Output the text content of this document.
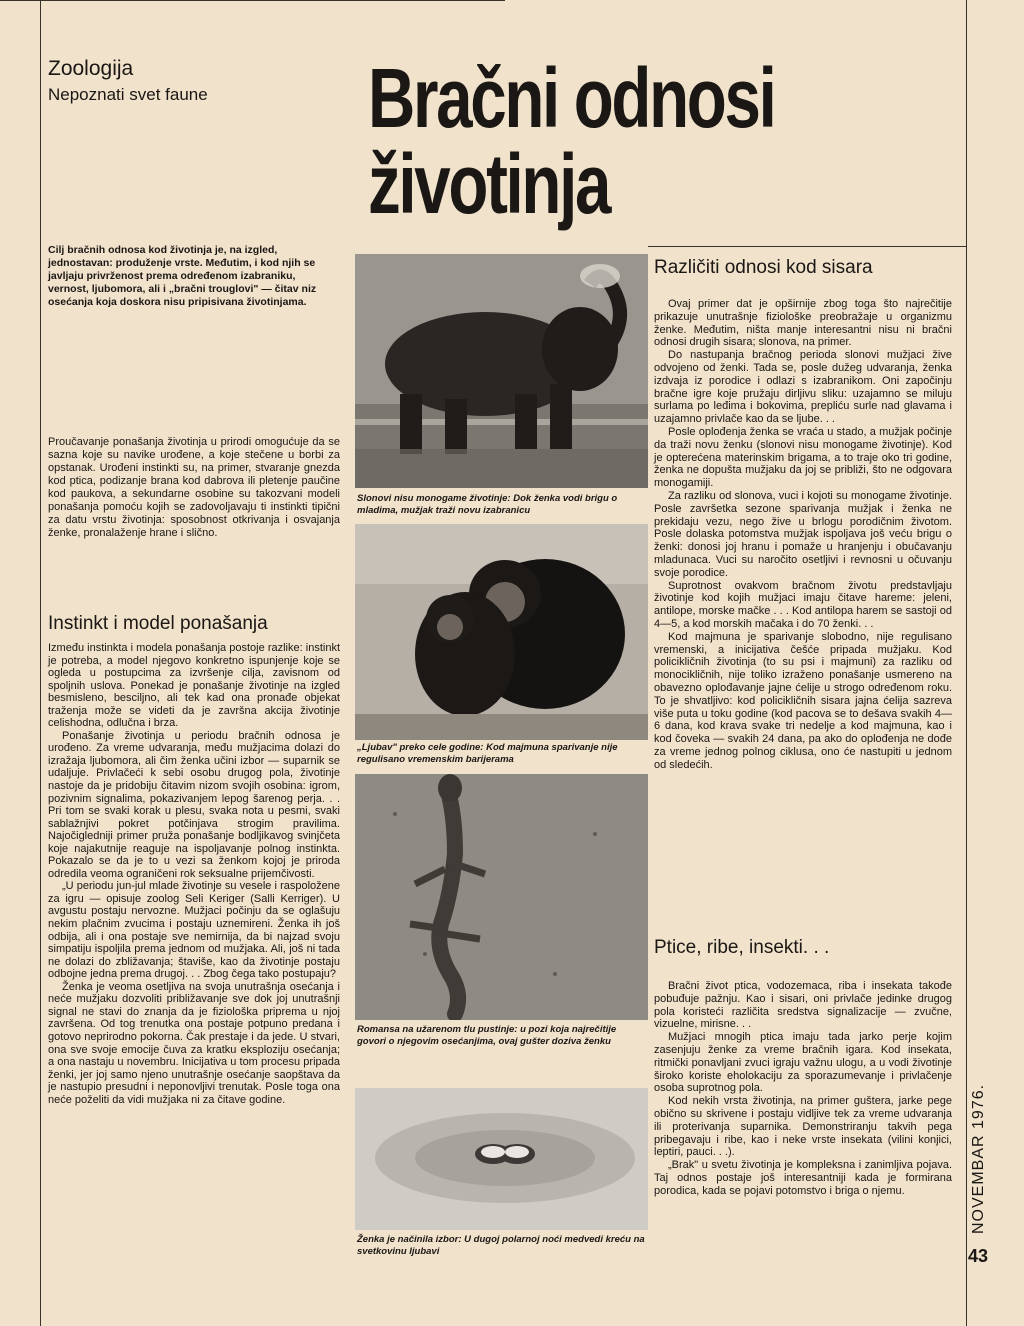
Zoologija
Nepoznati svet faune Bračni odnosi
životinja
Cilj bračnih odnosa kod životinja je, na izgled, jednostavan: produženje vrste. Međutim, i kod njih se javljaju privrženost prema određenom izabraniku, vernost, ljubomora, ali i „bračni trouglovi" — čitav niz osećanja koja doskora nisu pripisivana životinjama.

Proučavanje ponašanja životinja u prirodi omogućuje da se sazna koje su navike urođene, a koje stečene u borbi za opstanak. Urođeni instinkti su, na primer, stvaranje gnezda kod ptica, podizanje brana kod dabrova ili pletenje paučine kod paukova, a sekundarne osobine su takozvani modeli ponašanja pomoću kojih se zadovoljavaju ti instinkti tipični za datu vrstu životinja: sposobnost otkrivanja i osvajanja ženke, pronalaženje hrane i slično.

Instinkt i model ponašanja

Između instinkta i modela ponašanja postoje razlike: instinkt je potreba, a model njegovo konkretno ispunjenje koje se ogleda u postupcima za izvršenje cilja, zavisnom od spoljnih uslova. Ponekad je ponašanje životinje na izgled besmisleno, besciljno, ali tek kad ona pronađe objekat traženja može se videti da je završna akcija životinje celishodna, odlučna i brza.

Ponašanje životinja u periodu bračnih odnosa je urođeno. Za vreme udvaranja, među mužjacima dolazi do izražaja ljubomora, ali čim ženka učini izbor — suparnik se udaljuje. Privlačeći k sebi osobu drugog pola, životinje nastoje da je pridobiju čitavim nizom svojih osobina: igrom, pozivnim signalima, pokazivanjem lepog šarenog perja. . . Pri tom se svaki korak u plesu, svaka nota u pesmi, svaki sablažnjivi pokret potčinjava strogim pravilima. Najočigledniji primer pruža ponašanje bodljikavog svinjčeta koje najakutnije reaguje na ispoljavanje polnog instinkta. Pokazalo se da je to u vezi sa ženkom kojoj je priroda odredila veoma ograničeni rok seksualne prijemčivosti.

„U periodu jun-jul mlade životinje su vesele i raspoložene za igru — opisuje zoolog Seli Keriger (Salli Kerriger). U avgustu postaju nervozne. Mužjaci počinju da se oglašuju nekim plačnim zvucima i postaju uznemireni. Ženka ih još odbija, ali i ona postaje sve nemirnija, da bi najzad svoju simpatiju ispoljila prema jednom od mužjaka. Ali, još ni tada ne dolazi do zbližavanja; štaviše, kao da životinje postaju odbojne jedna prema drugoj. . . Zbog čega tako postupaju?

Ženka je veoma osetljiva na svoja unutrašnja osećanja i neće mužjaku dozvoliti približavanje sve dok joj unutrašnji signal ne stavi do znanja da je fiziološka priprema u njoj završena. Od tog trenutka ona postaje potpuno predana i gotovo neprirodno pokorna. Čak prestaje i da jede. U stvari, ona sve svoje emocije čuva za kratku eksploziju osećanja; a ona nastaju u novembru. Inicijativa u tom procesu pripada ženki, jer joj samo njeno unutrašnje osećanje saopštava da je nastupio presudni i neponovljivi trenutak. Posle toga ona neće poželiti da vidi mužjaka ni za čitave godine.

Slonovi nisu monogame životinje: Dok ženka vodi brigu o mladima, mužjak traži novu izabranicu
„Ljubav" preko cele godine: Kod majmuna sparivanje nije regulisano vremenskim barijerama
Romansa na užarenom tlu pustinje: u pozi koja najrečitije govori o njegovim osećanjima, ovaj gušter doziva ženku
Ženka je načinila izbor: U dugoj polarnoj noći medvedi kreću na svetkovinu ljubavi
Različiti odnosi kod sisara

Ovaj primer dat je opširnije zbog toga što najrečitije prikazuje unutrašnje fiziološke preobražaje u organizmu ženke. Međutim, ništa manje interesantni nisu ni bračni odnosi drugih sisara; slonova, na primer.

Do nastupanja bračnog perioda slonovi mužjaci žive odvojeno od ženki. Tada se, posle dužeg udvaranja, ženka izdvaja iz porodice i odlazi s izabranikom. Oni započinju bračne igre koje pružaju dirljivu sliku: uzajamno se miluju surlama po leđima i bokovima, prepliću surle nad glavama i uzajamno privlače kao da se ljube. . .

Posle oplođenja ženka se vraća u stado, a mužjak počinje da traži novu ženku (slonovi nisu monogame životinje). Kod je opterećena materinskim brigama, a to traje oko tri godine, ženka ne dopušta mužjaku da joj se približi, što ne odgovara monogamiji.

Za razliku od slonova, vuci i kojoti su monogame životinje. Posle završetka sezone sparivanja mužjak i ženka ne prekidaju vezu, nego žive u brlogu porodičnim životom. Posle dolaska potomstva mužjak ispoljava još veću brigu o ženki: donosi joj hranu i pomaže u hranjenju i obučavanju mladunaca. Vuci su naročito osetljivi i revnosni u očuvanju svoje porodice.

Suprotnost ovakvom bračnom životu predstavljaju životinje kod kojih mužjaci imaju čitave hareme: jeleni, antilope, morske mačke . . . Kod antilopa harem se sastoji od 4—5, a kod morskih mačaka i do 70 ženki. . .

Kod majmuna je sparivanje slobodno, nije regulisano vremenski, a inicijativa češće pripada mužjaku. Kod policikličnih životinja (to su psi i majmuni) za razliku od monocikličnih, nije toliko izraženo ponašanje usmereno na obavezno oplođavanje jajne ćelije u strogo određenom roku. To je shvatljivo: kod policikličnih sisara jajna ćelija sazreva više puta u toku godine (kod pacova se to dešava svakih 4—6 dana, kod krava svake tri nedelje a kod majmuna, kao i kod čoveka — svakih 24 dana, pa ako do oplođenja ne dođe za vreme jednog polnog ciklusa, ono će nastupiti u jednom od sledećih.

Ptice, ribe, insekti. . .

Bračni život ptica, vodozemaca, riba i insekata takođe pobuđuje pažnju. Kao i sisari, oni privlače jedinke drugog pola koristeći različita sredstva signalizacije — zvučne, vizuelne, mirisne. . .

Mužjaci mnogih ptica imaju tada jarko perje kojim zasenjuju ženke za vreme bračnih igara. Kod insekata, ritmički ponavljani zvuci igraju važnu ulogu, a u vodi životinje široko koriste eholokaciju za sporazumevanje i privlačenje osoba suprotnog pola.

Kod nekih vrsta životinja, na primer guštera, jarke pege obično su skrivene i postaju vidljive tek za vreme udvaranja ili proterivanja suparnika. Demonstriranju takvih pega pribegavaju i ribe, kao i neke vrste insekata (vilini konjici, leptiri, pauci. . .).

„Brak" u svetu životinja je kompleksna i zanimljiva pojava. Taj odnos postaje još interesantniji kada je formirana porodica, kada se pojavi potomstvo i briga o njemu.	NOVEMBAR 1976.
43
